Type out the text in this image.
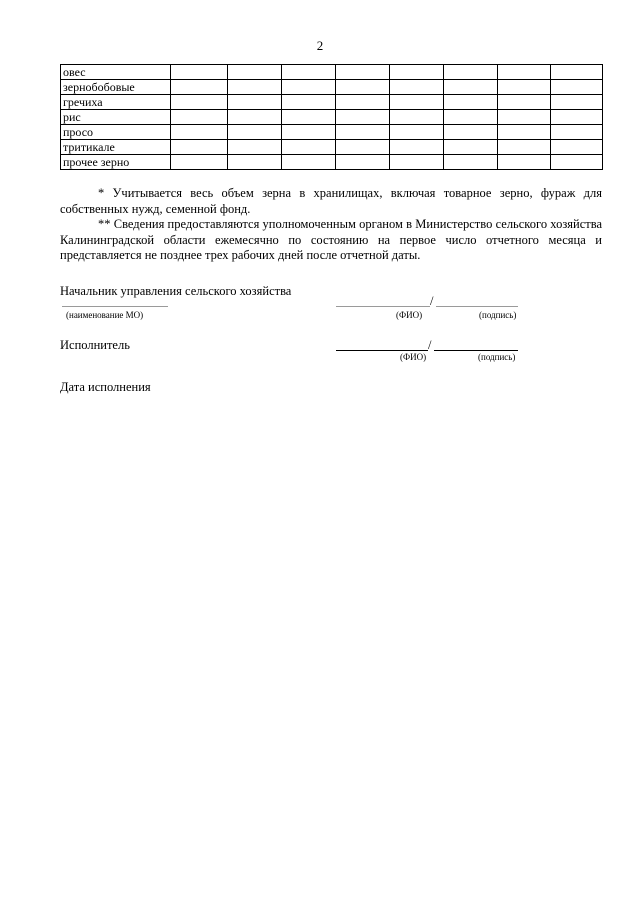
2
овес								
зернобобовые								
гречиха								
рис								
просо								
тритикале								
прочее зерно								

* Учитывается весь объем зерна в хранилищах, включая товарное зерно, фураж для собственных нужд, семенной фонд.

** Сведения предоставляются уполномоченным органом в Министерство сельского хозяйства Калининградской области ежемесячно по состоянию на первое число отчетного месяца и представляется не позднее трех рабочих дней после отчетной даты.

Начальник управления сельского хозяйства
(наименование МО)
/
(ФИО)	(подпись)
Исполнитель	/
(ФИО)	(подпись)
Дата исполнения
